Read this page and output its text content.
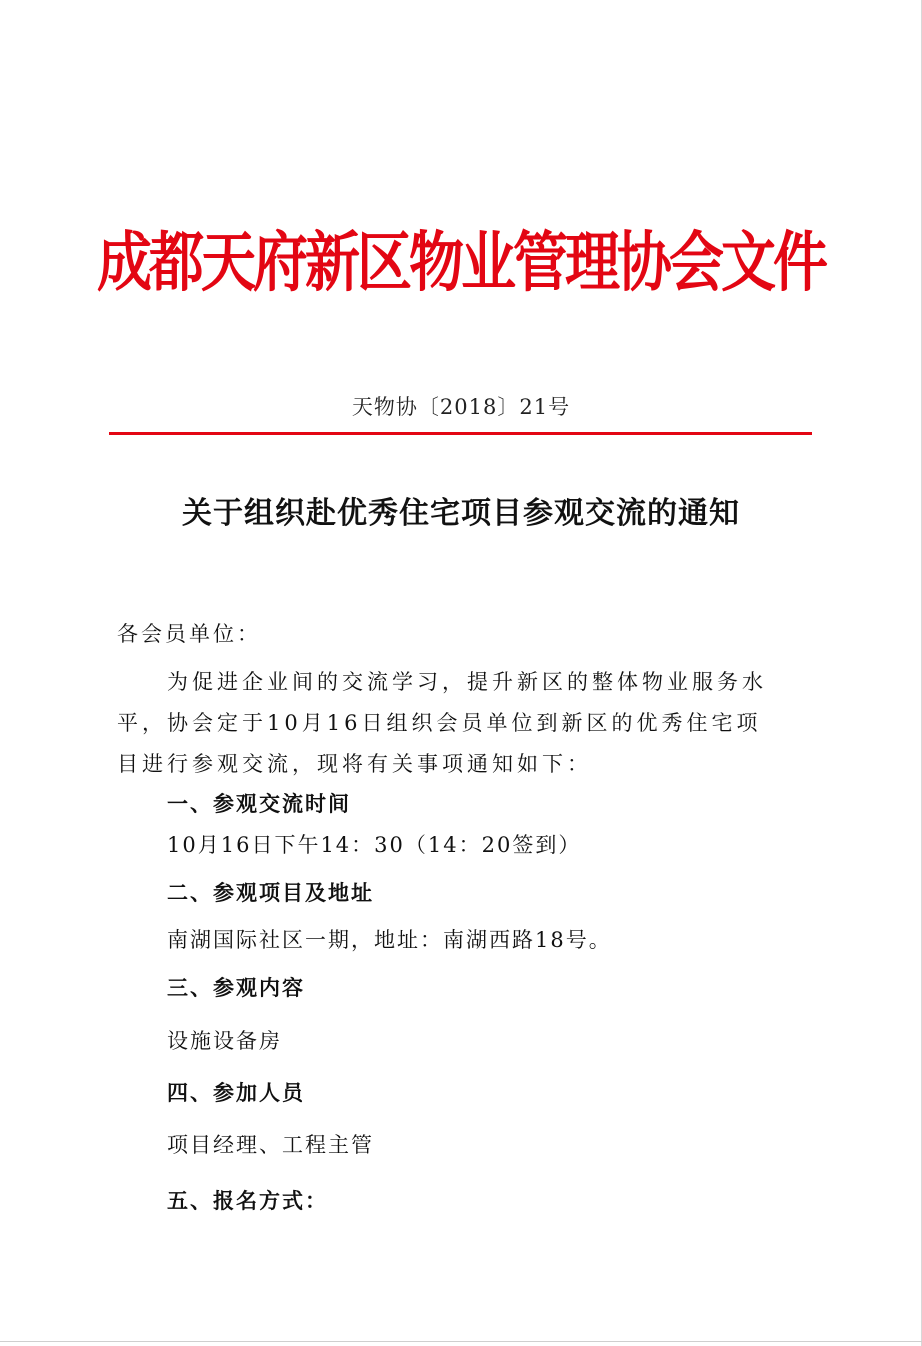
成都天府新区物业管理协会文件
天物协〔2018〕21号
关于组织赴优秀住宅项目参观交流的通知
各会员单位：
为促进企业间的交流学习，提升新区的整体物业服务水
平，协会定于10月16日组织会员单位到新区的优秀住宅项
目进行参观交流，现将有关事项通知如下：
一、参观交流时间
10月16日下午14：30（14：20签到）
二、参观项目及地址
南湖国际社区一期，地址：南湖西路18号。
三、参观内容
设施设备房
四、参加人员
项目经理、工程主管
五、报名方式：
